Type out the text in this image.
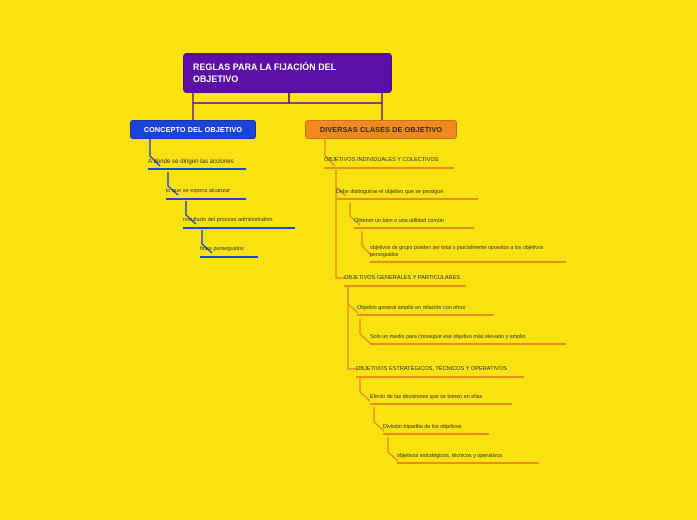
REGLAS PARA LA FIJACIÓN DEL OBJETIVO
CONCEPTO DEL OBJETIVO	DIVERSAS CLASES DE OBJETIVO
A donde se dirigen las acciones
lo que se espera alcanzar
resultado del proceso administrativo
fines perseguidos
OBJETIVOS INDIVIDUALES Y COLECTIVOS
Debe distinguirse el objetivo que se persigue
Obtener un bien o una utilidad común
objetivos de grupo pueden ser total o parcialmente opuestos a los objetivos perseguidos
OBJETIVOS GENERALES Y PARTICULARES
Objetivo general amplio en relación con otros
Solo un medio para conseguir ese objetivo más elevado y amplio
OBJETIVOS ESTRATÉGICOS, TÉCNICOS Y OPERATIVOS
Efecto de las decisiones que se tomen en ellas
División tripartita de los objetivos
objetivos estratégicos, técnicos y operativos
